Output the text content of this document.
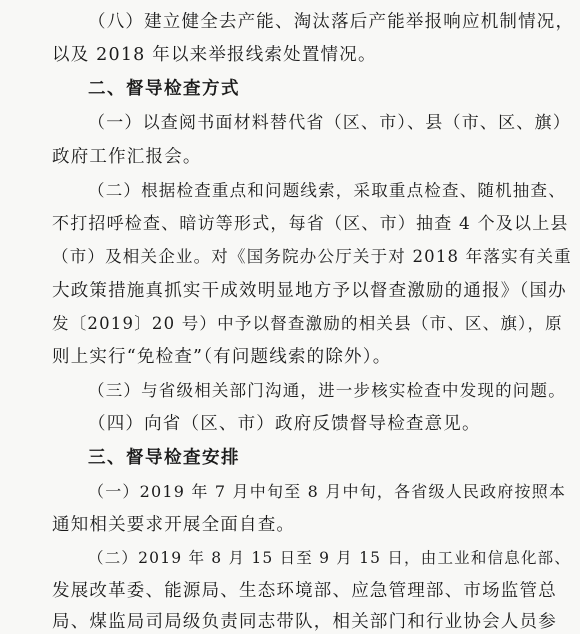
（八）建立健全去产能、淘汰落后产能举报响应机制情况，
以及 2018 年以来举报线索处置情况。
二、督导检查方式
（一）以查阅书面材料替代省（区、市）、县（市、区、旗）
政府工作汇报会。
（二）根据检查重点和问题线索，采取重点检查、随机抽查、
不打招呼检查、暗访等形式，每省（区、市）抽查 4 个及以上县
（市）及相关企业。对《国务院办公厅关于对 2018 年落实有关重
大政策措施真抓实干成效明显地方予以督查激励的通报》（国办
发〔2019〕20 号）中予以督查激励的相关县（市、区、旗），原
则上实行“免检查”（有问题线索的除外）。
（三）与省级相关部门沟通，进一步核实检查中发现的问题。
（四）向省（区、市）政府反馈督导检查意见。
三、督导检查安排
（一）2019 年 7 月中旬至 8 月中旬，各省级人民政府按照本
通知相关要求开展全面自查。
（二）2019 年 8 月 15 日至 9 月 15 日，由工业和信息化部、
发展改革委、能源局、生态环境部、应急管理部、市场监管总
局、煤监局司局级负责同志带队，相关部门和行业协会人员参
